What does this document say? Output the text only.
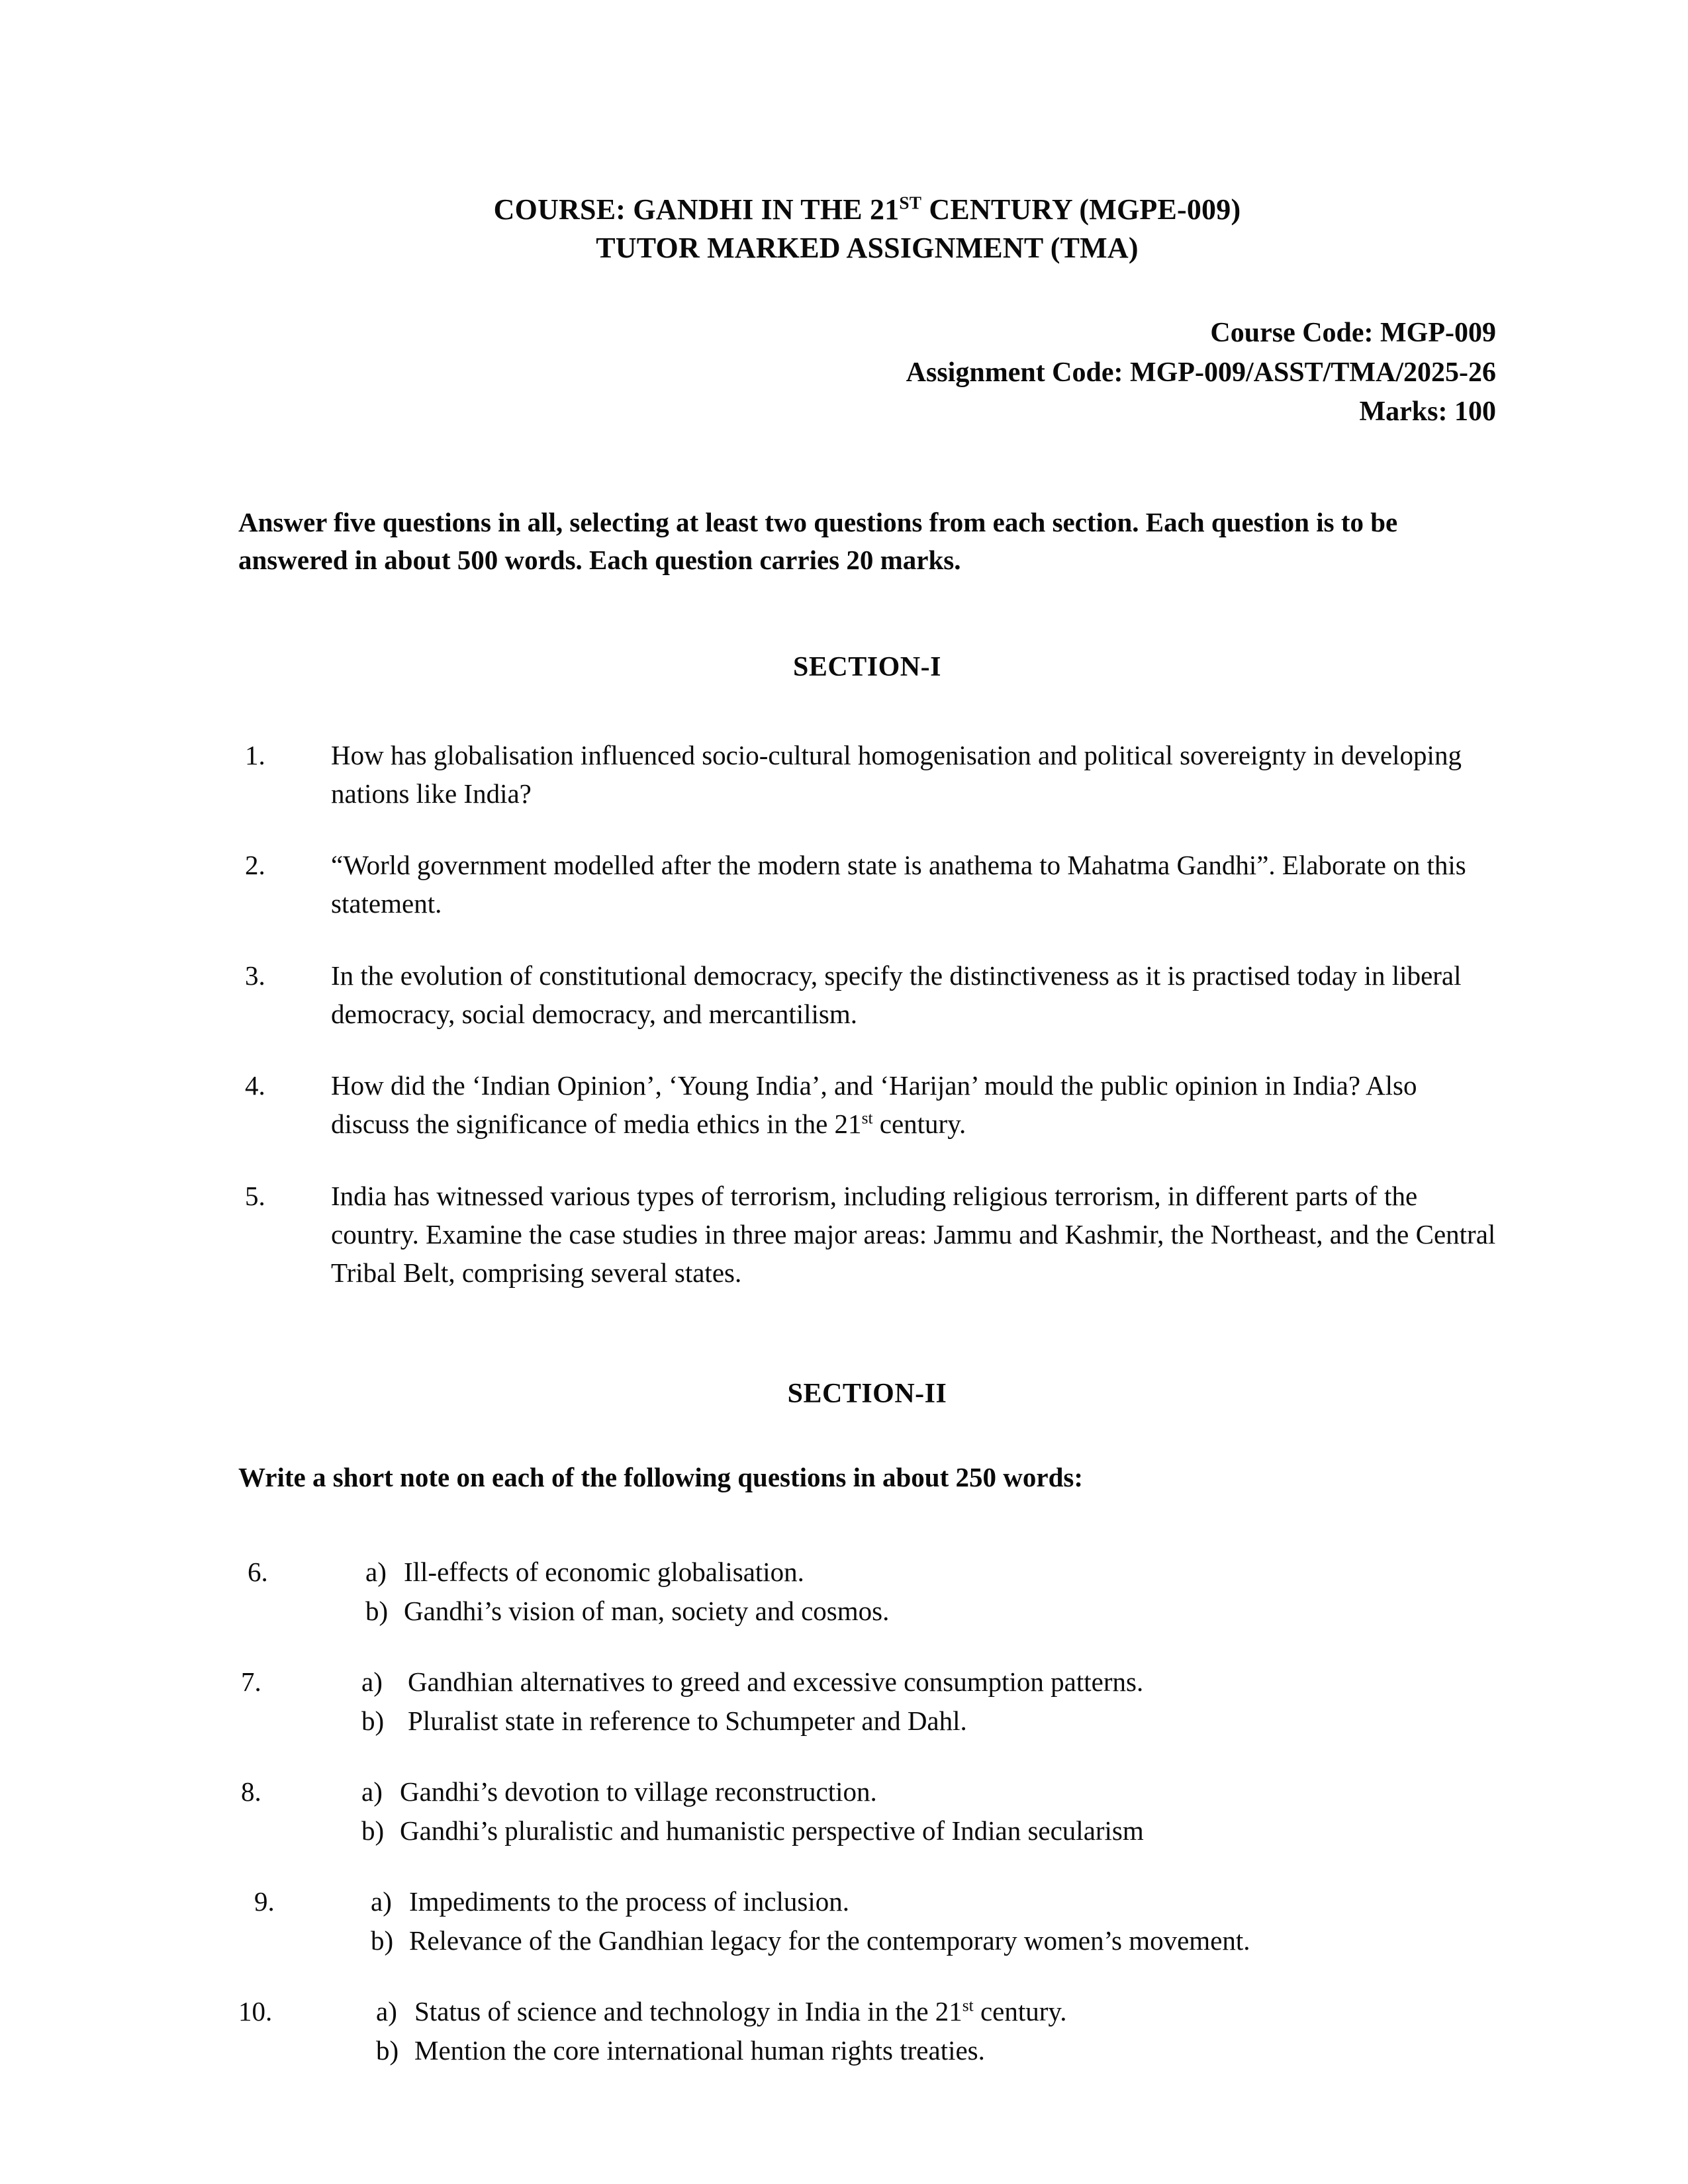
COURSE: GANDHI IN THE 21ST CENTURY (MGPE-009)
TUTOR MARKED ASSIGNMENT (TMA)
Course Code: MGP-009
Assignment Code: MGP-009/ASST/TMA/2025-26
Marks: 100
Answer five questions in all, selecting at least two questions from each section. Each question is to be answered in about 500 words. Each question carries 20 marks.
SECTION-I
1.	How has globalisation influenced socio-cultural homogenisation and political sovereignty in developing nations like India?
2.	“World government modelled after the modern state is anathema to Mahatma Gandhi”. Elaborate on this statement.
3.	In the evolution of constitutional democracy, specify the distinctiveness as it is practised today in liberal democracy, social democracy, and mercantilism.
4.	How did the ‘Indian Opinion’, ‘Young India’, and ‘Harijan’ mould the public opinion in India? Also discuss the significance of media ethics in the 21st century.
5.	India has witnessed various types of terrorism, including religious terrorism, in different parts of the country. Examine the case studies in three major areas: Jammu and Kashmir, the Northeast, and the Central Tribal Belt, comprising several states.
SECTION-II
Write a short note on each of the following questions in about 250 words:
6.	a) Ill-effects of economic globalisation.
b) Gandhi’s vision of man, society and cosmos.
7.	a) Gandhian alternatives to greed and excessive consumption patterns.
b) Pluralist state in reference to Schumpeter and Dahl.
8.	a) Gandhi’s devotion to village reconstruction.
b) Gandhi’s pluralistic and humanistic perspective of Indian secularism
9.	a) Impediments to the process of inclusion.
b) Relevance of the Gandhian legacy for the contemporary women’s movement.
10.	a) Status of science and technology in India in the 21st century.
b) Mention the core international human rights treaties.
